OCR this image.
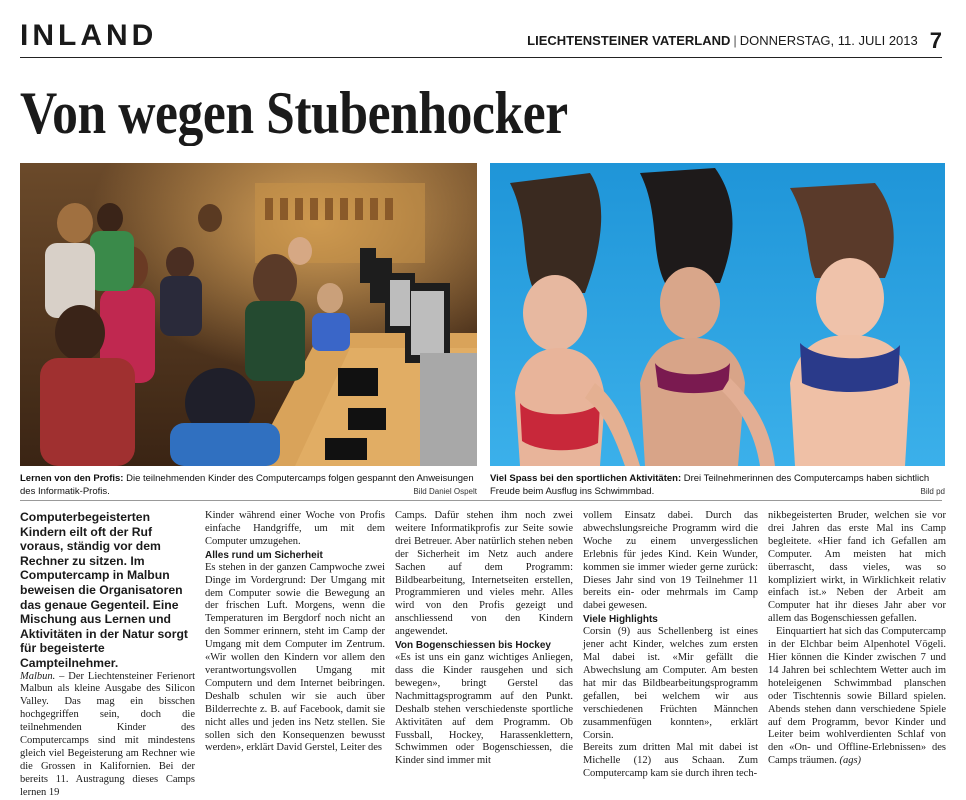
INLAND	LIECHTENSTEINER VATERLAND | DONNERSTAG, 11. JULI 2013 7
Von wegen Stubenhocker
Lernen von den Profis: Die teilnehmenden Kinder des Computercamps folgen gespannt den Anweisungen des Informatik-Profis.	Bild Daniel Ospelt
Viel Spass bei den sportlichen Aktivitäten: Drei Teilnehmerinnen des Computercamps haben sichtlich Freude beim Ausflug ins Schwimmbad.	Bild pd

Computerbegeisterten Kindern eilt oft der Ruf voraus, ständig vor dem Rechner zu sitzen. Im Computercamp in Malbun beweisen die Organisatoren das genaue Gegenteil. Eine Mischung aus Lernen und Aktivitäten in der Natur sorgt für begeisterte Campteilnehmer.

Malbun. – Der Liechtensteiner Ferienort Malbun als kleine Ausgabe des Silicon Valley. Das mag ein bisschen hochgegriffen sein, doch die teilnehmenden Kinder des Computercamps sind mit mindestens gleich viel Begeisterung am Rechner wie die Grossen in Kalifornien. Bei der bereits 11. Austragung dieses Camps lernen 19

Kinder während einer Woche von Profis einfache Handgriffe, um mit dem Computer umzugehen.

Alles rund um Sicherheit

Es stehen in der ganzen Campwoche zwei Dinge im Vordergrund: Der Umgang mit dem Computer sowie die Bewegung an der frischen Luft. Morgens, wenn die Temperaturen im Bergdorf noch nicht an den Sommer erinnern, steht im Camp der Umgang mit dem Computer im Zentrum. «Wir wollen den Kindern vor allem den verantwortungsvollen Umgang mit Computern und dem Internet beibringen. Deshalb schulen wir sie auch über Bilderrechte z. B. auf Facebook, damit sie nicht alles und jeden ins Netz stellen. Sie sollen sich den Konsequenzen bewusst werden», erklärt David Gerstel, Leiter des

Camps. Dafür stehen ihm noch zwei weitere Informatikprofis zur Seite sowie drei Betreuer. Aber natürlich stehen neben der Sicherheit im Netz auch andere Sachen auf dem Programm: Bildbearbeitung, Internetseiten erstellen, Programmieren und vieles mehr. Alles wird von den Profis gezeigt und anschliessend von den Kindern angewendet.

Von Bogenschiessen bis Hockey

«Es ist uns ein ganz wichtiges Anliegen, dass die Kinder rausgehen und sich bewegen», bringt Gerstel das Nachmittagsprogramm auf den Punkt. Deshalb stehen verschiedenste sportliche Aktivitäten auf dem Programm. Ob Fussball, Hockey, Harassenklettern, Schwimmen oder Bogenschiessen, die Kinder sind immer mit

vollem Einsatz dabei. Durch das abwechslungsreiche Programm wird die Woche zu einem unvergesslichen Erlebnis für jedes Kind. Kein Wunder, kommen sie immer wieder gerne zurück: Dieses Jahr sind von 19 Teilnehmer 11 bereits ein- oder mehrmals im Camp dabei gewesen.

Viele Highlights

Corsin (9) aus Schellenberg ist eines jener acht Kinder, welches zum ersten Mal dabei ist. «Mir gefällt die Abwechslung am Computer. Am besten hat mir das Bildbearbeitungsprogramm gefallen, bei welchem wir aus verschiedenen Früchten Männchen zusammenfügen konnten», erklärt Corsin.

Bereits zum dritten Mal mit dabei ist Michelle (12) aus Schaan. Zum Computercamp kam sie durch ihren tech-

nikbegeisterten Bruder, welchen sie vor drei Jahren das erste Mal ins Camp begleitete. «Hier fand ich Gefallen am Computer. Am meisten hat mich überrascht, dass vieles, was so kompliziert wirkt, in Wirklichkeit relativ einfach ist.» Neben der Arbeit am Computer hat ihr dieses Jahr aber vor allem das Bogenschiessen gefallen.

Einquartiert hat sich das Computercamp in der Elchbar beim Alpenhotel Vögeli. Hier können die Kinder zwischen 7 und 14 Jahren bei schlechtem Wetter auch im hoteleigenen Schwimmbad planschen oder Tischtennis sowie Billard spielen. Abends stehen dann verschiedene Spiele auf dem Programm, bevor Kinder und Leiter beim wohlverdienten Schlaf von den «On- und Offline-Erlebnissen» des Camps träumen. (ags)
